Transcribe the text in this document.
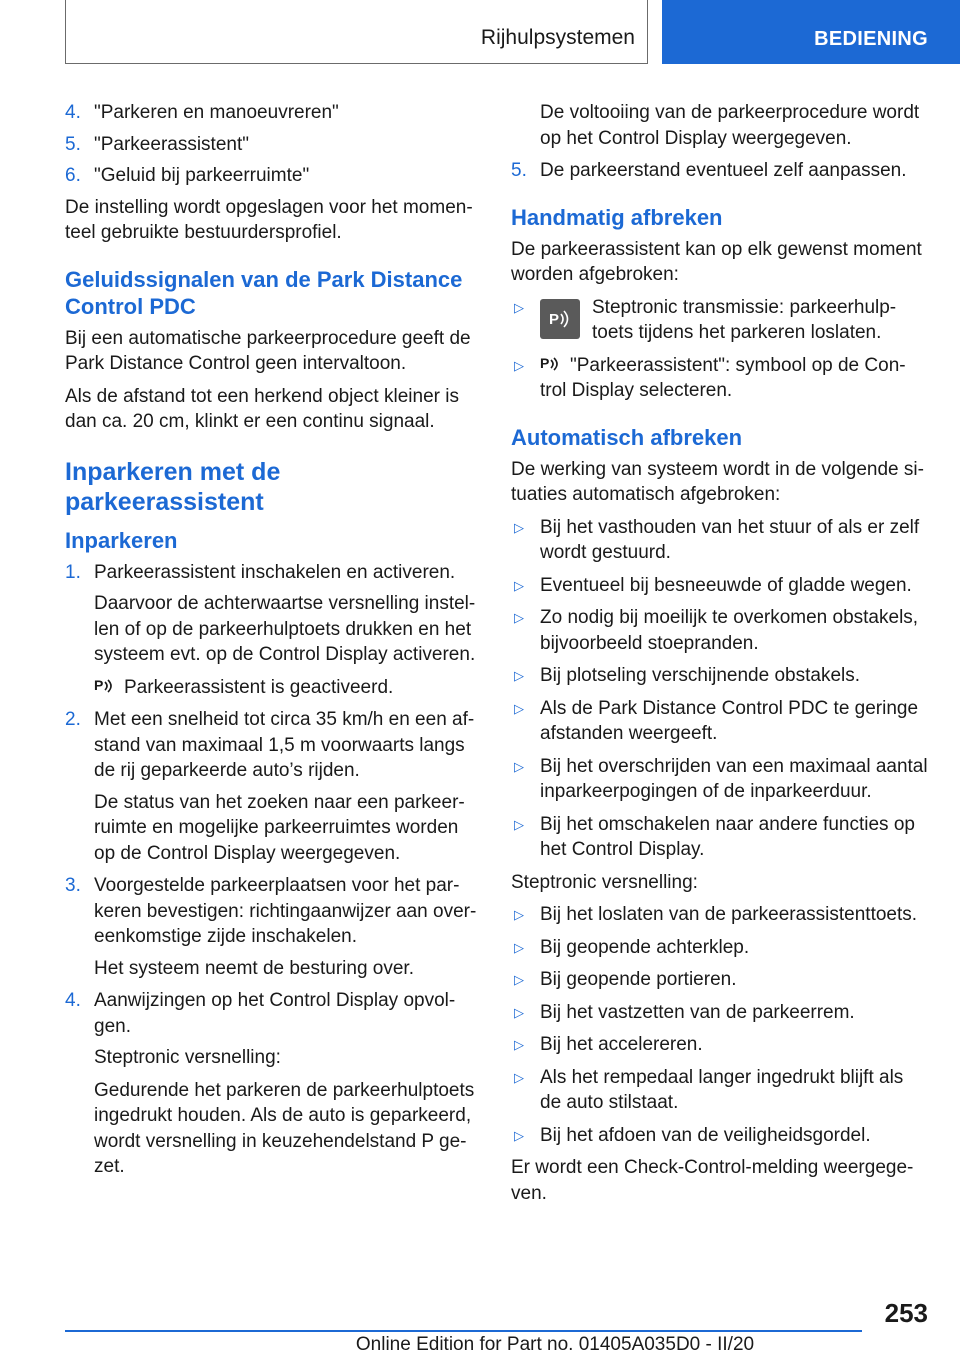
Rijhulpsystemen	BEDIENING
4. "Parkeren en manoeuvreren"
5. "Parkeerassistent"
6. "Geluid bij parkeerruimte"

De instelling wordt opgeslagen voor het momen-teel gebruikte bestuurdersprofiel.

Geluidssignalen van de Park Distance Control PDC

Bij een automatische parkeerprocedure geeft de Park Distance Control geen intervaltoon.

Als de afstand tot een herkend object kleiner is dan ca. 20 cm, klinkt er een continu signaal.

Inparkeren met de parkeerassistent
Inparkeren
1. Parkeerassistent inschakelen en activeren.

Daarvoor de achterwaartse versnelling instel-len of op de parkeerhulptoets drukken en het systeem evt. op de Control Display activeren.

P Parkeerassistent is geactiveerd.

2. Met een snelheid tot circa 35 km/h en een af-stand van maximaal 1,5 m voorwaarts langs de rij geparkeerde auto’s rijden.

De status van het zoeken naar een parkeer-ruimte en mogelijke parkeerruimtes worden op de Control Display weergegeven.

3. Voorgestelde parkeerplaatsen voor het par-keren bevestigen: richtingaanwijzer aan over-eenkomstige zijde inschakelen.

Het systeem neemt de besturing over.

4. Aanwijzingen op het Control Display opvol-gen.

Steptronic versnelling:

Gedurende het parkeren de parkeerhulptoets ingedrukt houden. Als de auto is geparkeerd, wordt versnelling in keuzehendelstand P ge-zet.

De voltooiing van de parkeerprocedure wordt op het Control Display weergegeven.

5. De parkeerstand eventueel zelf aanpassen.
Handmatig afbreken

De parkeerassistent kan op elk gewenst moment worden afgebroken:

▷
P
Steptronic transmissie: parkeerhulp-toets tijdens het parkeren loslaten.
▷	P "Parkeerassistent": symbool op de Con-trol Display selecteren.
Automatisch afbreken

De werking van systeem wordt in de volgende si-tuaties automatisch afgebroken:

▷ Bij het vasthouden van het stuur of als er zelf wordt gestuurd.
▷ Eventueel bij besneeuwde of gladde wegen.
▷ Zo nodig bij moeilijk te overkomen obstakels, bijvoorbeeld stoepranden.
▷ Bij plotseling verschijnende obstakels.
▷ Als de Park Distance Control PDC te geringe afstanden weergeeft.
▷ Bij het overschrijden van een maximaal aantal inparkeerpogingen of de inparkeerduur.
▷ Bij het omschakelen naar andere functies op het Control Display.

Steptronic versnelling:

▷ Bij het loslaten van de parkeerassistenttoets.
▷ Bij geopende achterklep.
▷ Bij geopende portieren.
▷ Bij het vastzetten van de parkeerrem.
▷ Bij het accelereren.
▷ Als het rempedaal langer ingedrukt blijft als de auto stilstaat.
▷ Bij het afdoen van de veiligheidsgordel.

Er wordt een Check-Control-melding weergege-ven.

253
Online Edition for Part no. 01405A035D0 - II/20
